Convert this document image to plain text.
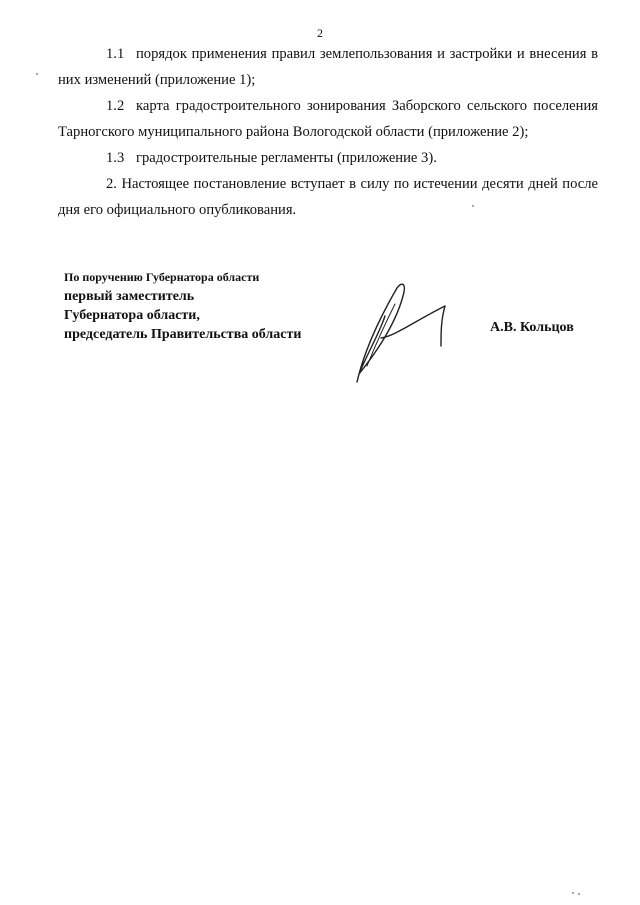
2
1.1 порядок применения правил землепользования и застройки и внесения в них изменений (приложение 1);
1.2 карта градостроительного зонирования Заборского сельского поселения Тарногского муниципального района Вологодской области (приложение 2);
1.3 градостроительные регламенты (приложение 3).
2. Настоящее постановление вступает в силу по истечении десяти дней после дня его официального опубликования.
По поручению Губернатора области
первый заместитель
Губернатора области,
председатель Правительства области	А.В. Кольцов
